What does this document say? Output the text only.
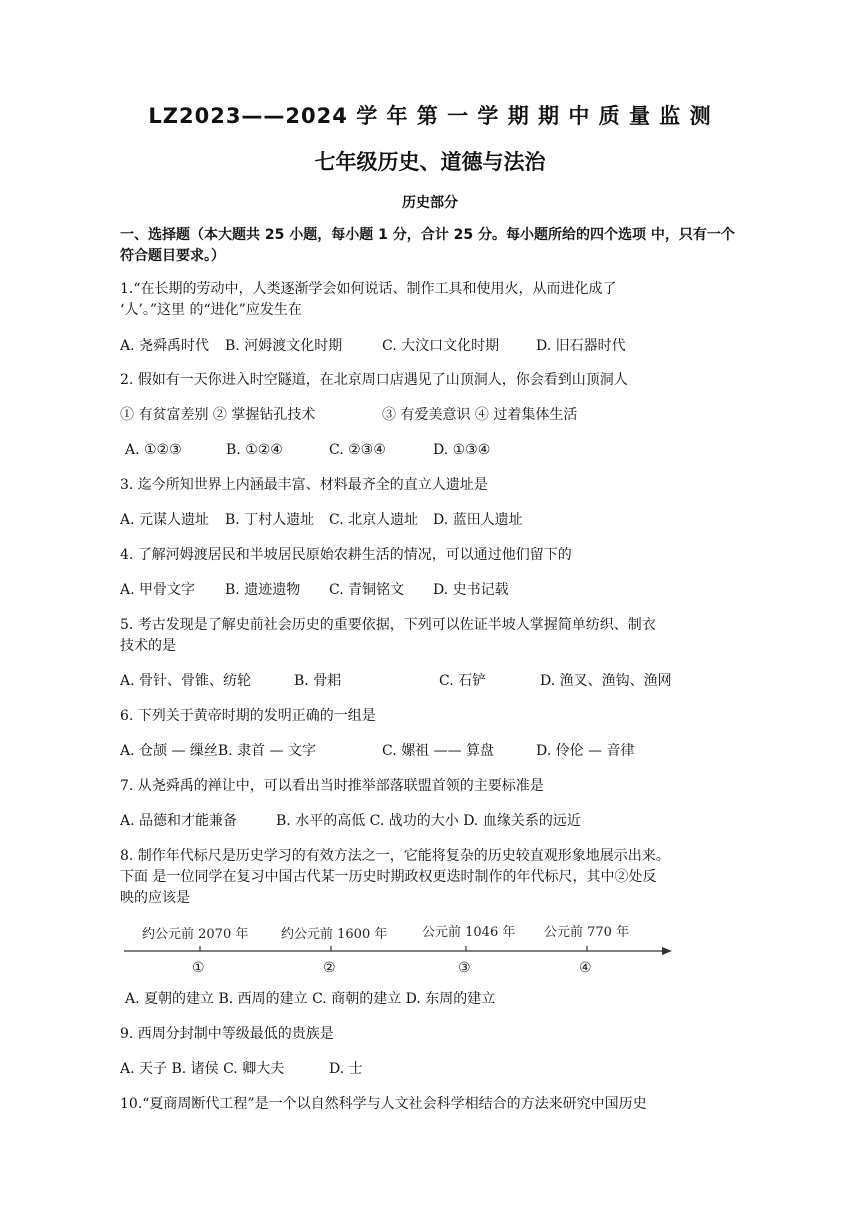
LZ2023——2024 学 年 第 一 学 期 期 中 质 量 监 测
七年级历史、道德与法治
历史部分
一、选择题（本大题共 25 小题，每小题 1 分，合计 25 分。每小题所给的四个选项 中，只有一个符合题目要求。）
1.“在长期的劳动中，人类逐渐学会如何说话、制作工具和使用火，从而进化成了
‘人’。”这里 的“进化”应发生在
A. 尧舜禹时代 B. 河姆渡文化时期	C. 大汶口文化时期	D. 旧石器时代
2. 假如有一天你进入时空隧道，在北京周口店遇见了山顶洞人，你会看到山顶洞人
① 有贫富差别 ② 掌握钻孔技术	③ 有爱美意识 ④ 过着集体生活
A. ①②③	B. ①②④	C. ②③④	D. ①③④
3. 迄今所知世界上内涵最丰富、材料最齐全的直立人遗址是
A. 元谋人遗址 B. 丁村人遗址 C. 北京人遗址 D. 蓝田人遗址
4. 了解河姆渡居民和半坡居民原始农耕生活的情况，可以通过他们留下的
A. 甲骨文字 B. 遗迹遗物 C. 青铜铭文 D. 史书记载
5. 考古发现是了解史前社会历史的重要依据，下列可以佐证半坡人掌握简单纺织、制衣
技术的是
A. 骨针、骨锥、纺轮	B. 骨耜	C. 石铲	D. 渔叉、渔钩、渔网
6. 下列关于黄帝时期的发明正确的一组是
A. 仓颉 — 缫丝B. 隶首 — 文字	C. 嫘祖 —— 算盘	D. 伶伦 — 音律
7. 从尧舜禹的禅让中，可以看出当时推举部落联盟首领的主要标准是
A. 品德和才能兼备	B. 水平的高低 C. 战功的大小 D. 血缘关系的远近
8. 制作年代标尺是历史学习的有效方法之一，它能将复杂的历史较直观形象地展示出来。
下面 是一位同学在复习中国古代某一历史时期政权更迭时制作的年代标尺，其中②处反
映的应该是
约公元前 2070 年	约公元前 1600 年	公元前 1046 年 公元前 770 年
①	②	③	④
A. 夏朝的建立 B. 西周的建立 C. 商朝的建立 D. 东周的建立
9. 西周分封制中等级最低的贵族是
A. 天子 B. 诸侯 C. 卿大夫	D. 士
10.“夏商周断代工程”是一个以自然科学与人文社会科学相结合的方法来研究中国历史
